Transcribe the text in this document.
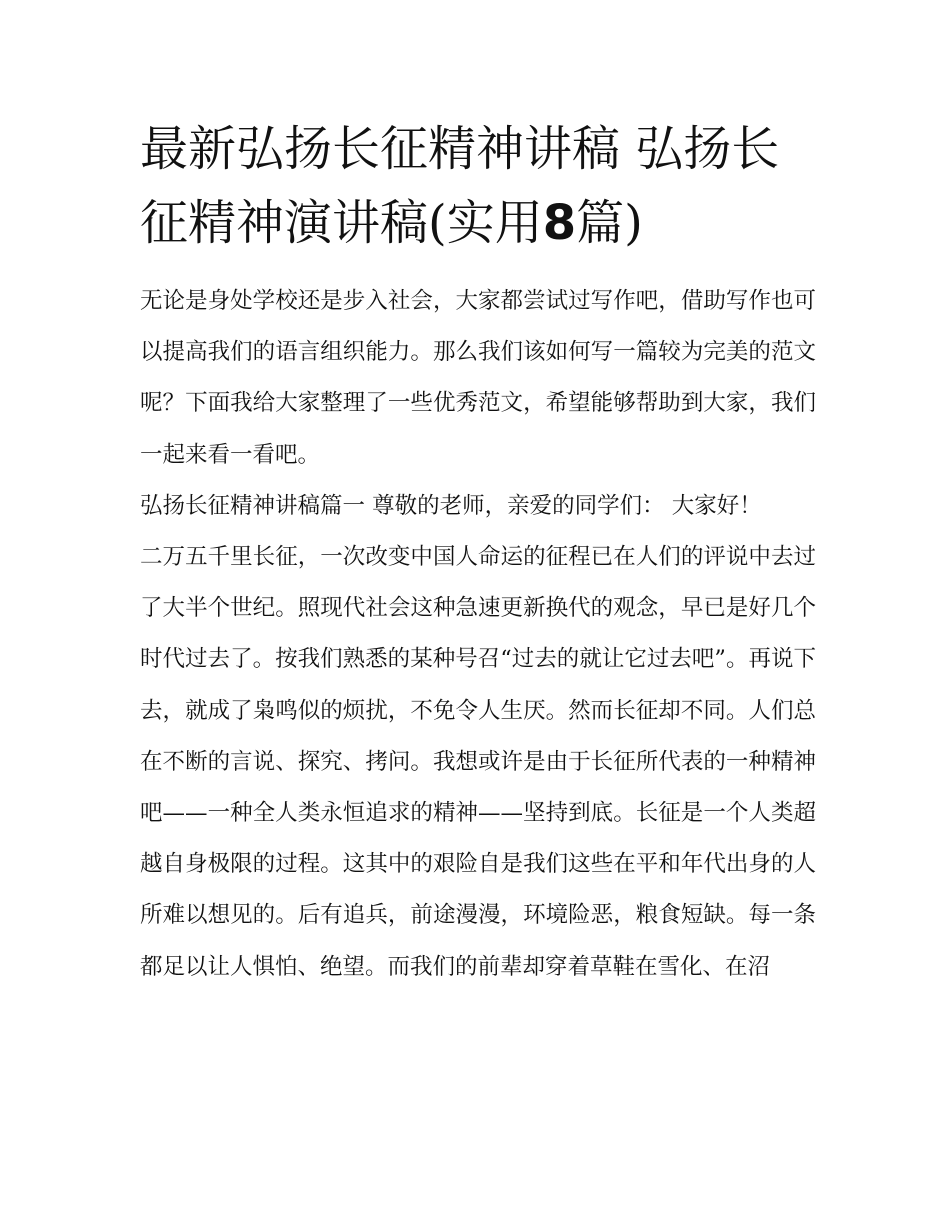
最新弘扬长征精神讲稿 弘扬长征精神演讲稿(实用8篇)

无论是身处学校还是步入社会，大家都尝试过写作吧，借助写作也可以提高我们的语言组织能力。那么我们该如何写一篇较为完美的范文呢？下面我给大家整理了一些优秀范文，希望能够帮助到大家，我们一起来看一看吧。

弘扬长征精神讲稿篇一 尊敬的老师，亲爱的同学们： 大家好！

二万五千里长征，一次改变中国人命运的征程已在人们的评说中去过了大半个世纪。照现代社会这种急速更新换代的观念，早已是好几个时代过去了。按我们熟悉的某种号召“过去的就让它过去吧”。再说下去，就成了枭鸣似的烦扰，不免令人生厌。然而长征却不同。人们总在不断的言说、探究、拷问。我想或许是由于长征所代表的一种精神吧——一种全人类永恒追求的精神——坚持到底。长征是一个人类超越自身极限的过程。这其中的艰险自是我们这些在平和年代出身的人所难以想见的。后有追兵，前途漫漫，环境险恶，粮食短缺。每一条都足以让人惧怕、绝望。而我们的前辈却穿着草鞋在雪化、在沼
